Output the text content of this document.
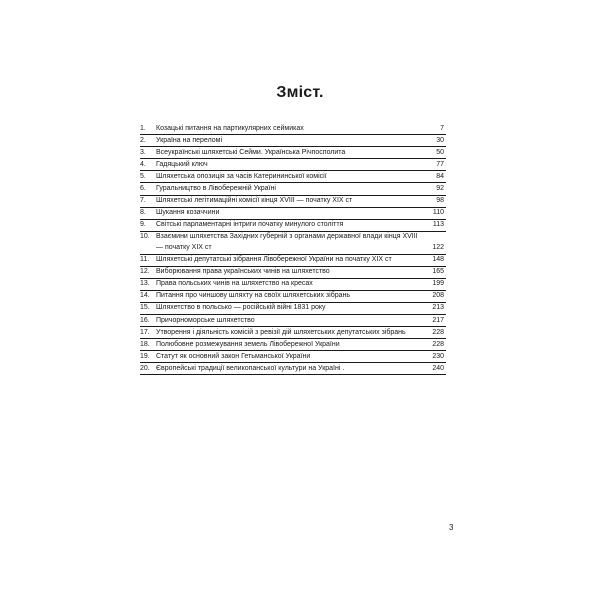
Зміст.
1.	Козацькі питання на партикулярних сеймиках	7
2.	Україна на переломі	30
3.	Всеукраїнські шляхетські Сейми. Українська Річпосполита	50
4.	Гадяцький ключ	77
5.	Шляхетська опозиція за часів Катерининської комісії	84
6.	Гуральництво в Лівобережній Україні	92
7.	Шляхетські легітимаційні комісії кінця XVIII — початку XIX ст	98
8.	Шукання козаччини	110
9.	Світські парламентарні інтриги початку минулого століття	113
10. Взаємини шляхетства Західних губерній з органами державної влади кінця XVIII — початку XIX ст	122
11. Шляхетські депутатські зібрання Лівобережної України на початку XIX ст	148
12. Виборювання права українських чинів на шляхетство	165
13. Права польських чинів на шляхетство на кресах	199
14. Питання про чиншову шляхту на своїх шляхетських зібрань	208
15. Шляхетство в польсько — російській війні 1831 року	213
16. Причорноморське шляхетство	217
17. Утворення і діяльність комісій з ревізії дій шляхетських депутатських зібрань	228
18. Полюбовне розмежування земель Лівобережної України	228
19. Статут як основний закон Гетьманської України	230
20. Європейські традиції великопанської культури на Україні .	240
3
